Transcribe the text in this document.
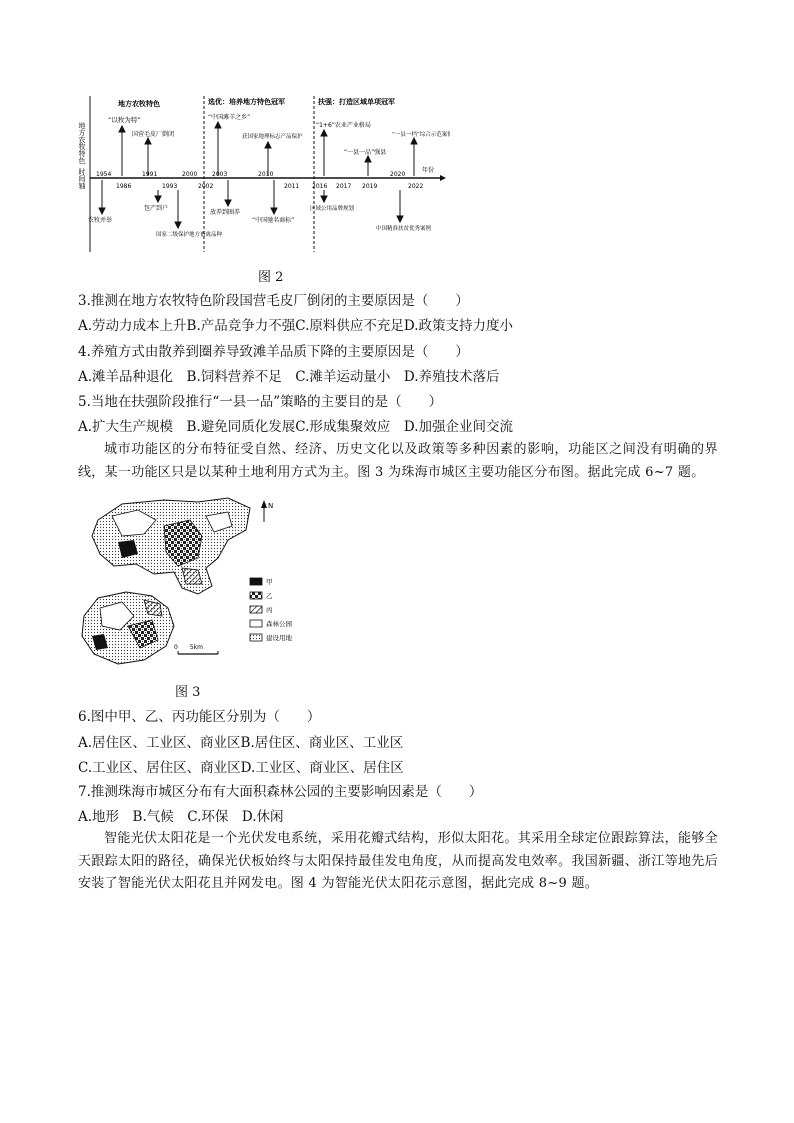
地方农牧特色
时间轴
地方农牧特色	选优：培养地方特色冠军	扶强：打造区域单项冠军
年份
1954
1986
1991
1993
2000
2002
2003	2010
2011 2016 2017 2019
2020
2022
“以牧为特”
国营毛皮厂倒闭
“中国滩羊之乡”
获国家地理标志产品保护
“1+6”农业产业格局
“一县一品”强县
“一县一档”综合示范案例
农牧并举
包产到户
国家二级保护地方畜禽品种
放养到圈养
“中国驰名商标”
区域公用品牌规划
中国精准扶贫优秀案例
图 2
3.推测在地方农牧特色阶段国营毛皮厂倒闭的主要原因是（　　）
A.劳动力成本上升B.产品竞争力不强C.原料供应不充足D.政策支持力度小
4.养殖方式由散养到圈养导致滩羊品质下降的主要原因是（　　）
A.滩羊品种退化　B.饲料营养不足　C.滩羊运动量小　D.养殖技术落后
5.当地在扶强阶段推行“一县一品”策略的主要目的是（　　）
A.扩大生产规模　B.避免同质化发展C.形成集聚效应　D.加强企业间交流

城市功能区的分布特征受自然、经济、历史文化以及政策等多种因素的影响，功能区之间没有明确的界线，某一功能区只是以某种土地利用方式为主。图 3 为珠海市城区主要功能区分布图。据此完成 6~7 题。

N
甲
乙
丙
森林公园
建设用地
0　　5km
图 3
6.图中甲、乙、丙功能区分别为（　　）
A.居住区、工业区、商业区B.居住区、商业区、工业区
C.工业区、居住区、商业区D.工业区、商业区、居住区
7.推测珠海市城区分布有大面积森林公园的主要影响因素是（　　）
A.地形　B.气候　C.环保　D.休闲

智能光伏太阳花是一个光伏发电系统，采用花瓣式结构，形似太阳花。其采用全球定位跟踪算法，能够全天跟踪太阳的路径，确保光伏板始终与太阳保持最佳发电角度，从而提高发电效率。我国新疆、浙江等地先后安装了智能光伏太阳花且并网发电。图 4 为智能光伏太阳花示意图，据此完成 8~9 题。
